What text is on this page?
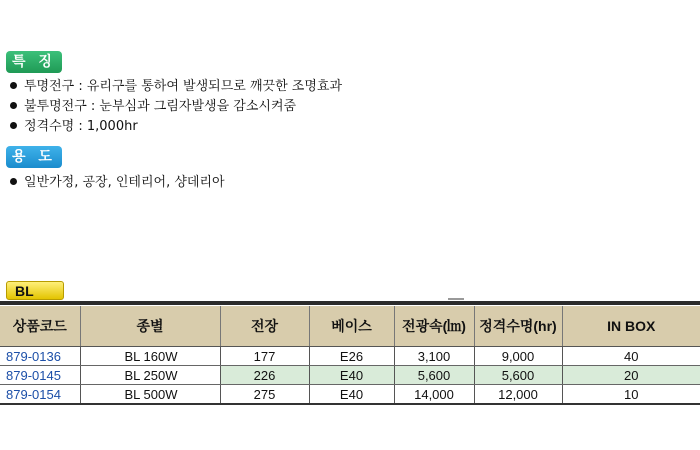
특 징
투명전구 : 유리구를 통하여 발생되므로 깨끗한 조명효과
불투명전구 : 눈부심과 그림자발생을 감소시켜줌
정격수명 : 1,000hr
용 도
일반가정, 공장, 인테리어, 샹데리아
BL
상품코드	종별	전장	베이스	전광속(㏐)	정격수명(hr)	IN BOX
879-0136	BL 160W	177	E26	3,100	9,000	40
879-0145	BL 250W	226	E40	5,600	5,600	20
879-0154	BL 500W	275	E40	14,000	12,000	10
